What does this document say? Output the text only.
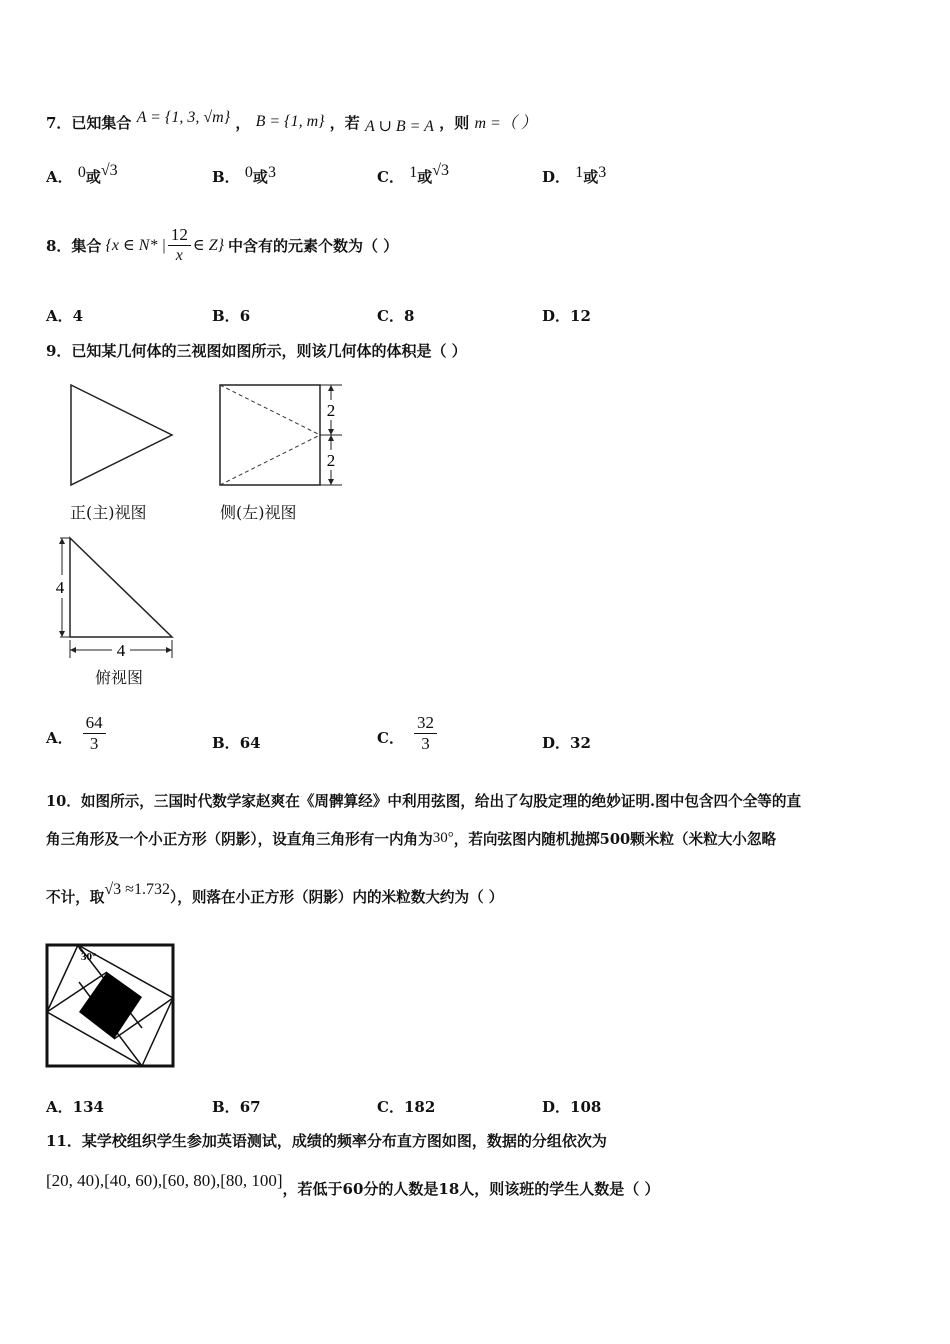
7．已知集合 A = {1, 3, √m} ， B = {1, m} ，若 A ∪ B = A ，则 m =（ ）
A． 0或√3	B． 0或3	C． 1或√3	D． 1或3
8．集合 {x ∈ N* | $\frac{12}{x}$ ∈ Z} 中含有的元素个数为（ ）
A．4	B．6	C．8	D．12
9．已知某几何体的三视图如图所示，则该几何体的体积是（ ）
正(主)视图
2
2
侧(左)视图
4
4
俯视图
A． $\frac{64}{3}$	B．64	C． $\frac{32}{3}$	D．32
10．如图所示，三国时代数学家赵爽在《周髀算经》中利用弦图，给出了勾股定理的绝妙证明.图中包含四个全等的直
角三角形及一个小正方形（阴影），设直角三角形有一内角为30°，若向弦图内随机抛掷500颗米粒（米粒大小忽略
不计，取√3 ≈1.732），则落在小正方形（阴影）内的米粒数大约为（ ）
30°
A．134	B．67	C．182	D．108
11．某学校组织学生参加英语测试，成绩的频率分布直方图如图，数据的分组依次为
[20, 40),[40, 60),[60, 80),[80, 100]，若低于60分的人数是18人，则该班的学生人数是（ ）
